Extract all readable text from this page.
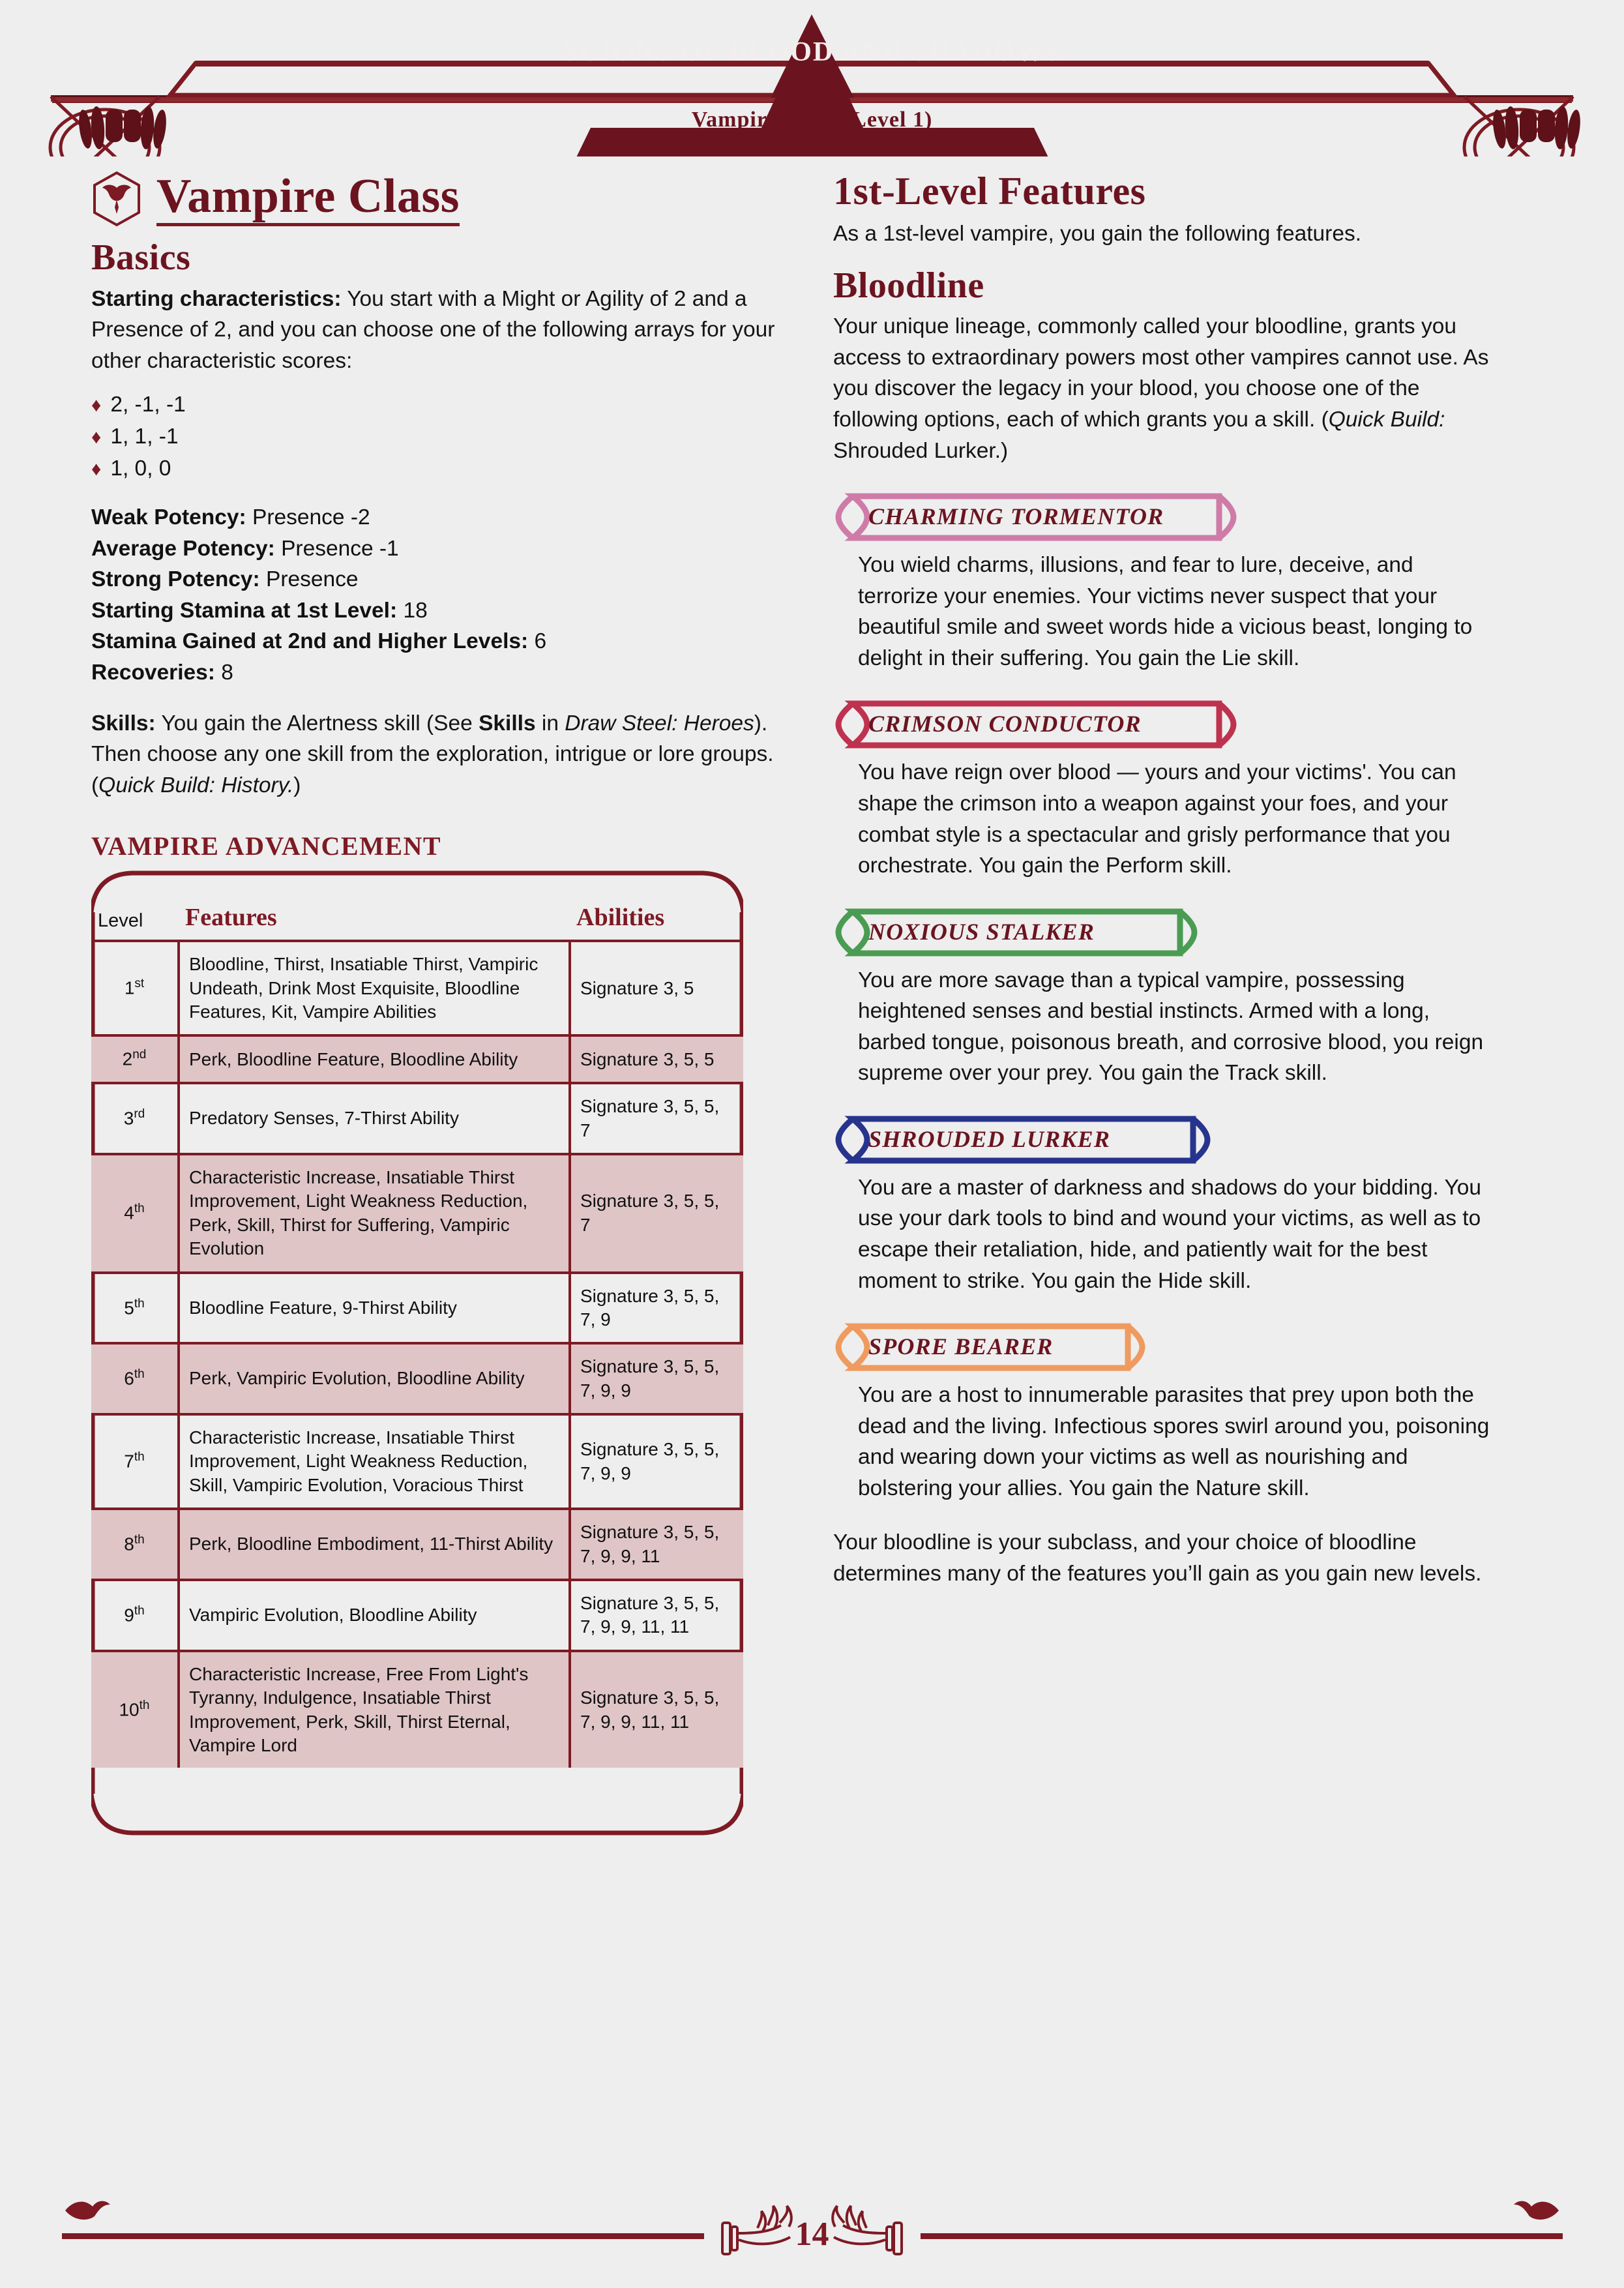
SCIONS OF BLOOD AND SHADOWS
Vampire Class (Level 1)
Vampire Class
Basics

Starting characteristics: You start with a Might or Agility of 2 and a Presence of 2, and you can choose one of the following arrays for your other characteristic scores:

♦ 2, -1, -1
♦ 1, 1, -1
♦ 1, 0, 0

Weak Potency: Presence -2

Average Potency: Presence -1

Strong Potency: Presence

Starting Stamina at 1st Level: 18

Stamina Gained at 2nd and Higher Levels: 6

Recoveries: 8

Skills: You gain the Alertness skill (See Skills in Draw Steel: Heroes). Then choose any one skill from the exploration, intrigue or lore groups. (Quick Build: History.)

VAMPIRE ADVANCEMENT
Level	Features	Abilities
1st	Bloodline, Thirst, Insatiable Thirst, Vampiric Undeath, Drink Most Exquisite, Bloodline Features, Kit, Vampire Abilities	Signature 3, 5
2nd	Perk, Bloodline Feature, Bloodline Ability	Signature 3, 5, 5
3rd	Predatory Senses, 7-Thirst Ability	Signature 3, 5, 5, 7
4th	Characteristic Increase, Insatiable Thirst Improvement, Light Weakness Reduction, Perk, Skill, Thirst for Suffering, Vampiric Evolution	Signature 3, 5, 5, 7
5th	Bloodline Feature, 9-Thirst Ability	Signature 3, 5, 5, 7, 9
6th	Perk, Vampiric Evolution, Bloodline Ability	Signature 3, 5, 5, 7, 9, 9
7th	Characteristic Increase, Insatiable Thirst Improvement, Light Weakness Reduction, Skill, Vampiric Evolution, Voracious Thirst	Signature 3, 5, 5, 7, 9, 9
8th	Perk, Bloodline Embodiment, 11-Thirst Ability	Signature 3, 5, 5, 7, 9, 9, 11
9th	Vampiric Evolution, Bloodline Ability	Signature 3, 5, 5, 7, 9, 9, 11, 11
10th	Characteristic Increase, Free From Light's Tyranny, Indulgence, Insatiable Thirst Improvement, Perk, Skill, Thirst Eternal, Vampire Lord	Signature 3, 5, 5, 7, 9, 9, 11, 11
1st-Level Features

As a 1st-level vampire, you gain the following features.

Bloodline

Your unique lineage, commonly called your bloodline, grants you access to extraordinary powers most other vampires cannot use. As you discover the legacy in your blood, you choose one of the following options, each of which grants you a skill. (Quick Build: Shrouded Lurker.)

CHARMING TORMENTOR

You wield charms, illusions, and fear to lure, deceive, and terrorize your enemies. Your victims never suspect that your beautiful smile and sweet words hide a vicious beast, longing to delight in their suffering. You gain the Lie skill.

CRIMSON CONDUCTOR

You have reign over blood — yours and your victims'. You can shape the crimson into a weapon against your foes, and your combat style is a spectacular and grisly performance that you orchestrate. You gain the Perform skill.

NOXIOUS STALKER

You are more savage than a typical vampire, possessing heightened senses and bestial instincts. Armed with a long, barbed tongue, poisonous breath, and corrosive blood, you reign supreme over your prey. You gain the Track skill.

SHROUDED LURKER

You are a master of darkness and shadows do your bidding. You use your dark tools to bind and wound your victims, as well as to escape their retaliation, hide, and patiently wait for the best moment to strike. You gain the Hide skill.

SPORE BEARER

You are a host to innumerable parasites that prey upon both the dead and the living. Infectious spores swirl around you, poisoning and wearing down your victims as well as nourishing and bolstering your allies. You gain the Nature skill.

Your bloodline is your subclass, and your choice of bloodline determines many of the features you’ll gain as you gain new levels.

14
